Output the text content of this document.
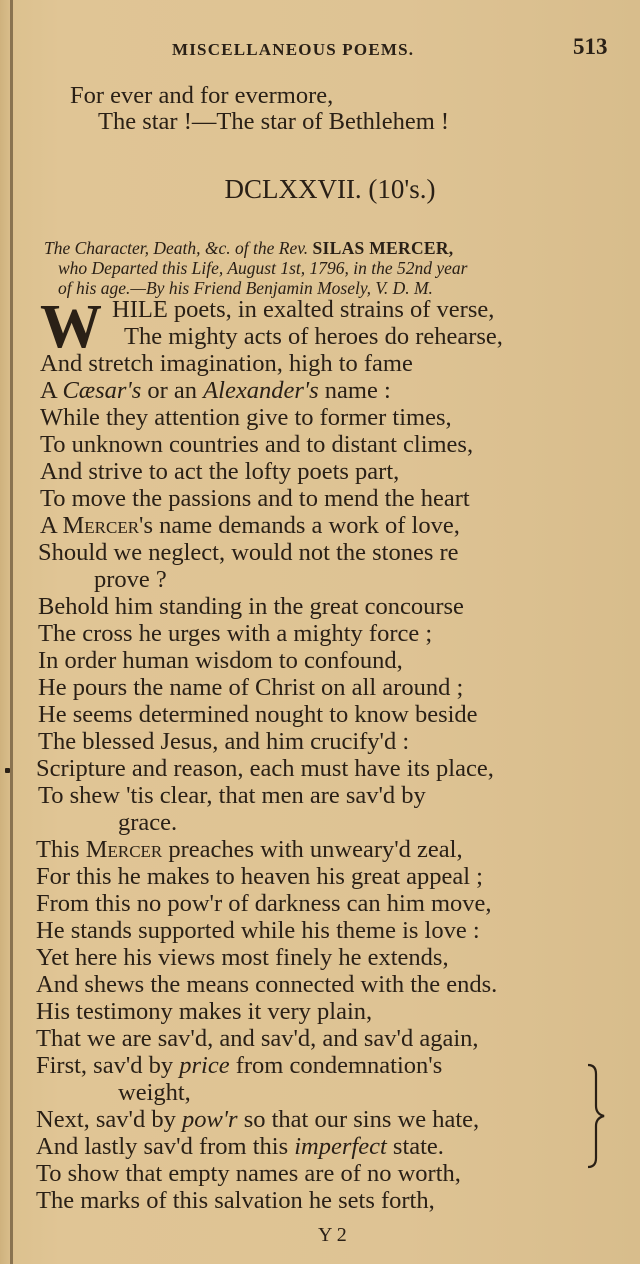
MISCELLANEOUS POEMS.	513
For ever and for evermore,
The star !—The star of Bethlehem !
DCLXXVII. (10's.)
The Character, Death, &c. of the Rev. SILAS MERCER,
who Departed this Life, August 1st, 1796, in the 52nd year
of his age.—By his Friend Benjamin Mosely, V. D. M.
W HILE poets, in exalted strains of verse,
The mighty acts of heroes do rehearse,
And stretch imagination, high to fame
A Cæsar's or an Alexander's name :
While they attention give to former times,
To unknown countries and to distant climes,
And strive to act the lofty poets part,
To move the passions and to mend the heart
A Mercer's name demands a work of love,
Should we neglect, would not the stones re
prove ?
Behold him standing in the great concourse
The cross he urges with a mighty force ;
In order human wisdom to confound,
He pours the name of Christ on all around ;
He seems determined nought to know beside
The blessed Jesus, and him crucify'd :
Scripture and reason, each must have its place,
To shew 'tis clear, that men are sav'd by
grace.
This Mercer preaches with unweary'd zeal,
For this he makes to heaven his great appeal ;
From this no pow'r of darkness can him move,
He stands supported while his theme is love :
Yet here his views most finely he extends,
And shews the means connected with the ends.
His testimony makes it very plain,
That we are sav'd, and sav'd, and sav'd again,
First, sav'd by price from condemnation's
weight,
Next, sav'd by pow'r so that our sins we hate,
And lastly sav'd from this imperfect state.
To show that empty names are of no worth,
The marks of this salvation he sets forth,
Y 2
